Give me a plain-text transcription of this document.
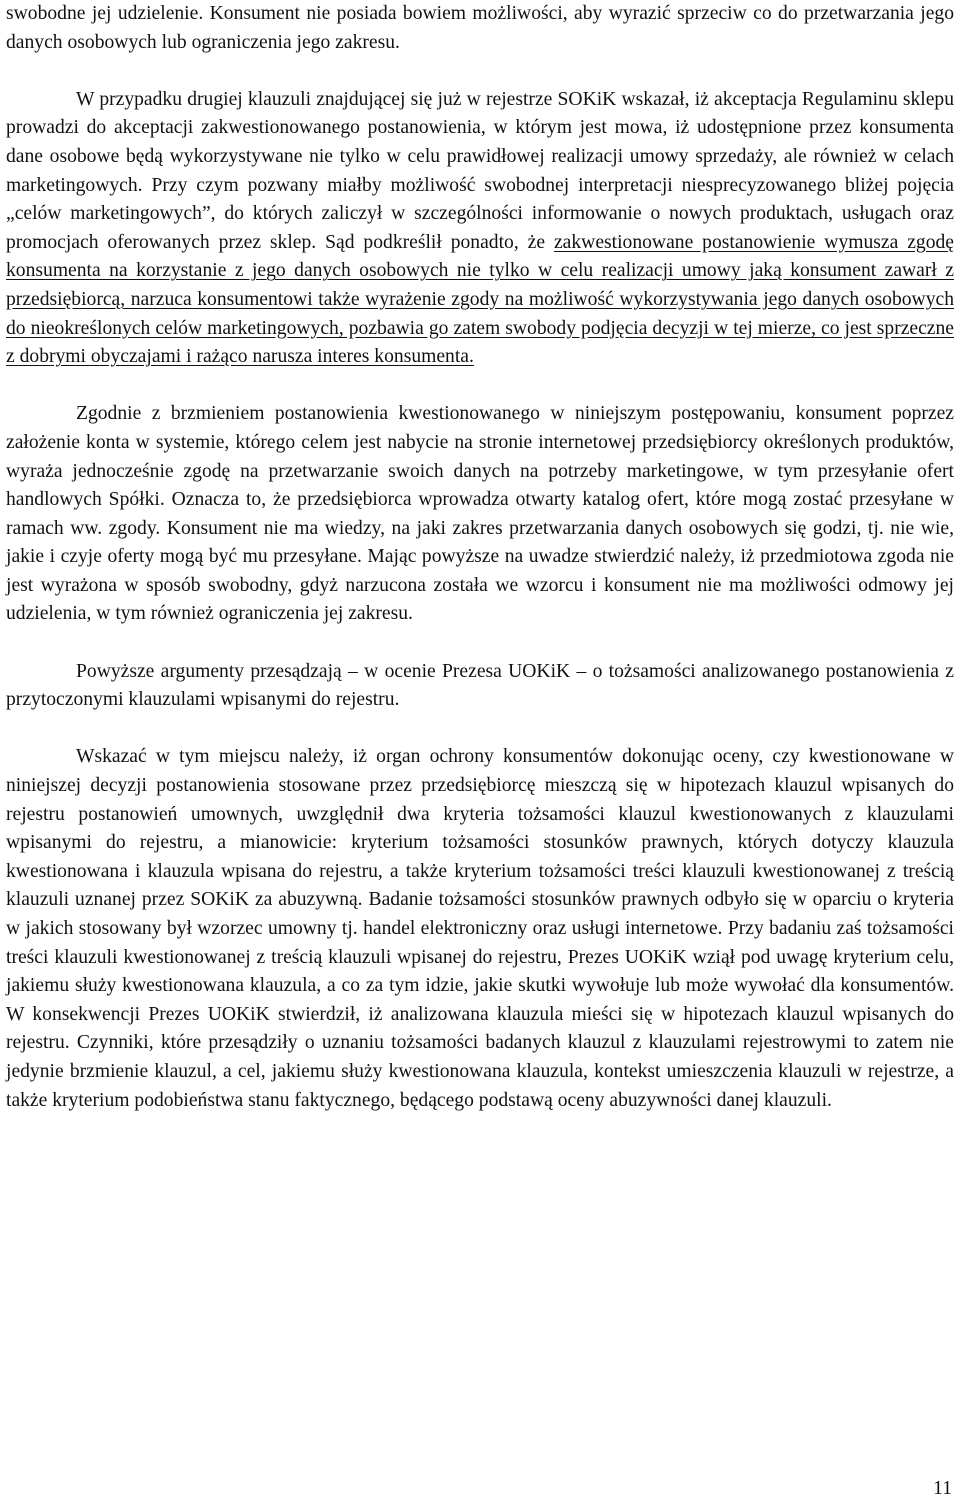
swobodne jej udzielenie. Konsument nie posiada bowiem możliwości, aby wyrazić sprzeciw co do przetwarzania jego danych osobowych lub ograniczenia jego zakresu.

W przypadku drugiej klauzuli znajdującej się już w rejestrze SOKiK wskazał, iż akceptacja Regulaminu sklepu prowadzi do akceptacji zakwestionowanego postanowienia, w którym jest mowa, iż udostępnione przez konsumenta dane osobowe będą wykorzystywane nie tylko w celu prawidłowej realizacji umowy sprzedaży, ale również w celach marketingowych. Przy czym pozwany miałby możliwość swobodnej interpretacji niesprecyzowanego bliżej pojęcia „celów marketingowych”, do których zaliczył w szczególności informowanie o nowych produktach, usługach oraz promocjach oferowanych przez sklep. Sąd podkreślił ponadto, że zakwestionowane postanowienie wymusza zgodę konsumenta na korzystanie z jego danych osobowych nie tylko w celu realizacji umowy jaką konsument zawarł z przedsiębiorcą, narzuca konsumentowi także wyrażenie zgody na możliwość wykorzystywania jego danych osobowych do nieokreślonych celów marketingowych, pozbawia go zatem swobody podjęcia decyzji w tej mierze, co jest sprzeczne z dobrymi obyczajami i rażąco narusza interes konsumenta.

Zgodnie z brzmieniem postanowienia kwestionowanego w niniejszym postępowaniu, konsument poprzez założenie konta w systemie, którego celem jest nabycie na stronie internetowej przedsiębiorcy określonych produktów, wyraża jednocześnie zgodę na przetwarzanie swoich danych na potrzeby marketingowe, w tym przesyłanie ofert handlowych Spółki. Oznacza to, że przedsiębiorca wprowadza otwarty katalog ofert, które mogą zostać przesyłane w ramach ww. zgody. Konsument nie ma wiedzy, na jaki zakres przetwarzania danych osobowych się godzi, tj. nie wie, jakie i czyje oferty mogą być mu przesyłane. Mając powyższe na uwadze stwierdzić należy, iż przedmiotowa zgoda nie jest wyrażona w sposób swobodny, gdyż narzucona została we wzorcu i konsument nie ma możliwości odmowy jej udzielenia, w tym również ograniczenia jej zakresu.

Powyższe argumenty przesądzają – w ocenie Prezesa UOKiK – o tożsamości analizowanego postanowienia z przytoczonymi klauzulami wpisanymi do rejestru.

Wskazać w tym miejscu należy, iż organ ochrony konsumentów dokonując oceny, czy kwestionowane w niniejszej decyzji postanowienia stosowane przez przedsiębiorcę mieszczą się w hipotezach klauzul wpisanych do rejestru postanowień umownych, uwzględnił dwa kryteria tożsamości klauzul kwestionowanych z klauzulami wpisanymi do rejestru, a mianowicie: kryterium tożsamości stosunków prawnych, których dotyczy klauzula kwestionowana i klauzula wpisana do rejestru, a także kryterium tożsamości treści klauzuli kwestionowanej z treścią klauzuli uznanej przez SOKiK za abuzywną. Badanie tożsamości stosunków prawnych odbyło się w oparciu o kryteria w jakich stosowany był wzorzec umowny tj. handel elektroniczny oraz usługi internetowe. Przy badaniu zaś tożsamości treści klauzuli kwestionowanej z treścią klauzuli wpisanej do rejestru, Prezes UOKiK wziął pod uwagę kryterium celu, jakiemu służy kwestionowana klauzula, a co za tym idzie, jakie skutki wywołuje lub może wywołać dla konsumentów. W konsekwencji Prezes UOKiK stwierdził, iż analizowana klauzula mieści się w hipotezach klauzul wpisanych do rejestru. Czynniki, które przesądziły o uznaniu tożsamości badanych klauzul z klauzulami rejestrowymi to zatem nie jedynie brzmienie klauzul, a cel, jakiemu służy kwestionowana klauzula, kontekst umieszczenia klauzuli w rejestrze, a także kryterium podobieństwa stanu faktycznego, będącego podstawą oceny abuzywności danej klauzuli.

11
